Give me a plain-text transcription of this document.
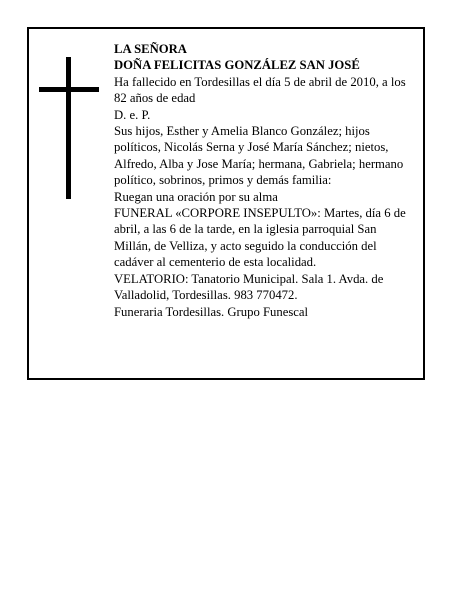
LA SEÑORA

DOÑA FELICITAS GONZÁLEZ SAN JOSÉ

Ha fallecido en Tordesillas el día 5 de abril de 2010, a los 82 años de edad

D. e. P.

Sus hijos, Esther y Amelia Blanco González; hijos políticos, Nicolás Serna y José María Sánchez; nietos, Alfredo, Alba y Jose María; hermana, Gabriela; hermano político, sobrinos, primos y demás familia:

Ruegan una oración por su alma

FUNERAL «CORPORE INSEPULTO»: Martes, día 6 de abril, a las 6 de la tarde, en la iglesia parroquial San Millán, de Velliza, y acto seguido la conducción del cadáver al cementerio de esta localidad.

VELATORIO: Tanatorio Municipal. Sala 1. Avda. de Valladolid, Tordesillas. 983 770472.

Funeraria Tordesillas. Grupo Funescal
